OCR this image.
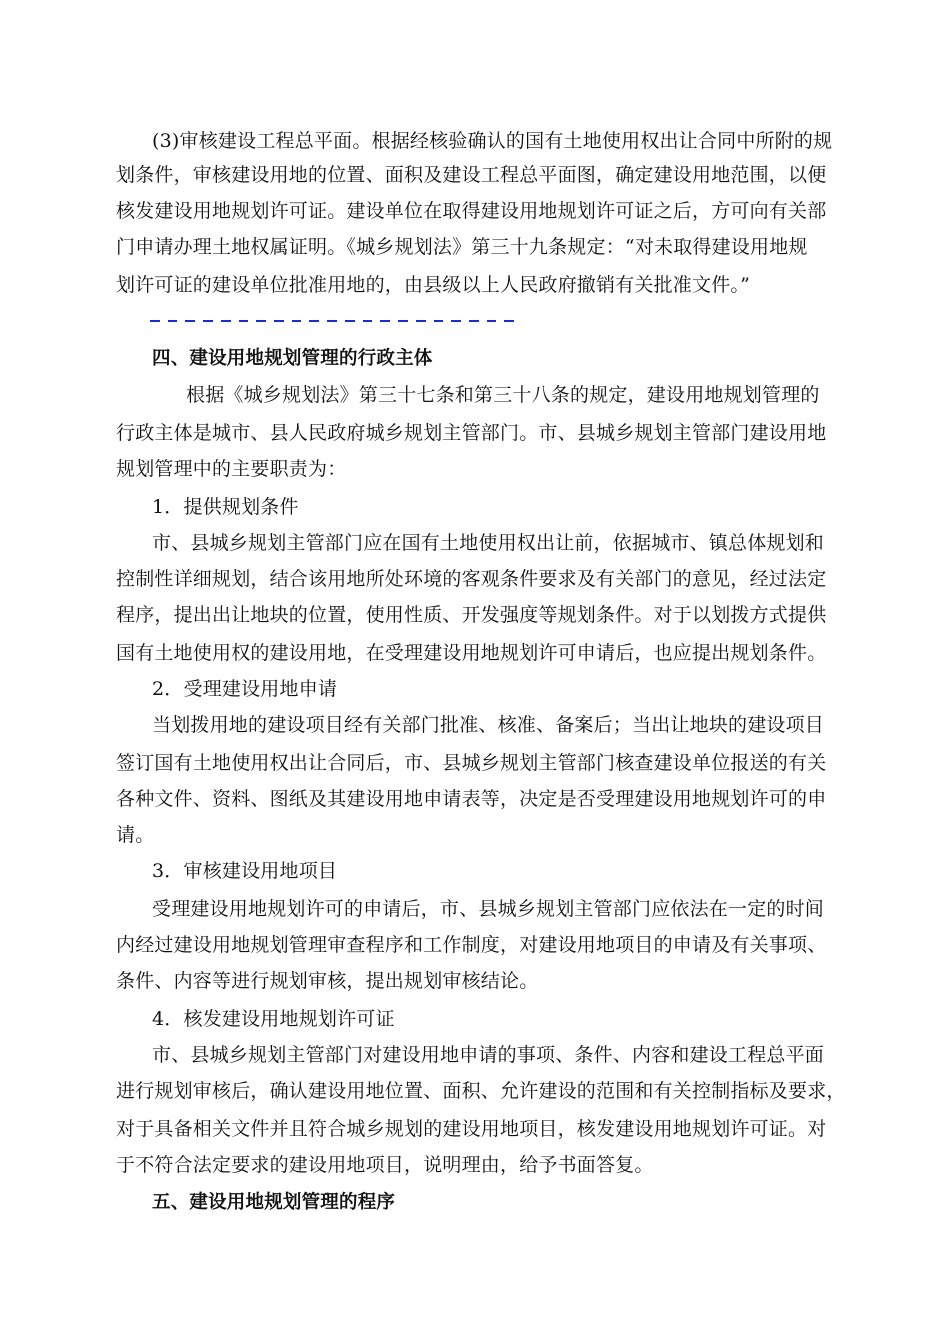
(3)审核建设工程总平面。根据经核验确认的国有土地使用权出让合同中所附的规
划条件，审核建设用地的位置、面积及建设工程总平面图，确定建设用地范围，以便
核发建设用地规划许可证。建设单位在取得建设用地规划许可证之后，方可向有关部
门申请办理土地权属证明。《城乡规划法》第三十九条规定：“对未取得建设用地规
划许可证的建设单位批准用地的，由县级以上人民政府撤销有关批准文件。”
四、建设用地规划管理的行政主体
根据《城乡规划法》第三十七条和第三十八条的规定，建设用地规划管理的
行政主体是城市、县人民政府城乡规划主管部门。市、县城乡规划主管部门建设用地
规划管理中的主要职责为：
1．提供规划条件
市、县城乡规划主管部门应在国有土地使用权出让前，依据城市、镇总体规划和
控制性详细规划，结合该用地所处环境的客观条件要求及有关部门的意见，经过法定
程序，提出出让地块的位置，使用性质、开发强度等规划条件。对于以划拨方式提供
国有土地使用权的建设用地，在受理建设用地规划许可申请后，也应提出规划条件。
2．受理建设用地申请
当划拨用地的建设项目经有关部门批准、核准、备案后；当出让地块的建设项目
签订国有土地使用权出让合同后，市、县城乡规划主管部门核查建设单位报送的有关
各种文件、资料、图纸及其建设用地申请表等，决定是否受理建设用地规划许可的申
请。
3．审核建设用地项目
受理建设用地规划许可的申请后，市、县城乡规划主管部门应依法在一定的时间
内经过建设用地规划管理审查程序和工作制度，对建设用地项目的申请及有关事项、
条件、内容等进行规划审核，提出规划审核结论。
4．核发建设用地规划许可证
市、县城乡规划主管部门对建设用地申请的事项、条件、内容和建设工程总平面
进行规划审核后，确认建设用地位置、面积、允许建设的范围和有关控制指标及要求，
对于具备相关文件并且符合城乡规划的建设用地项目，核发建设用地规划许可证。对
于不符合法定要求的建设用地项目，说明理由，给予书面答复。
五、建设用地规划管理的程序
